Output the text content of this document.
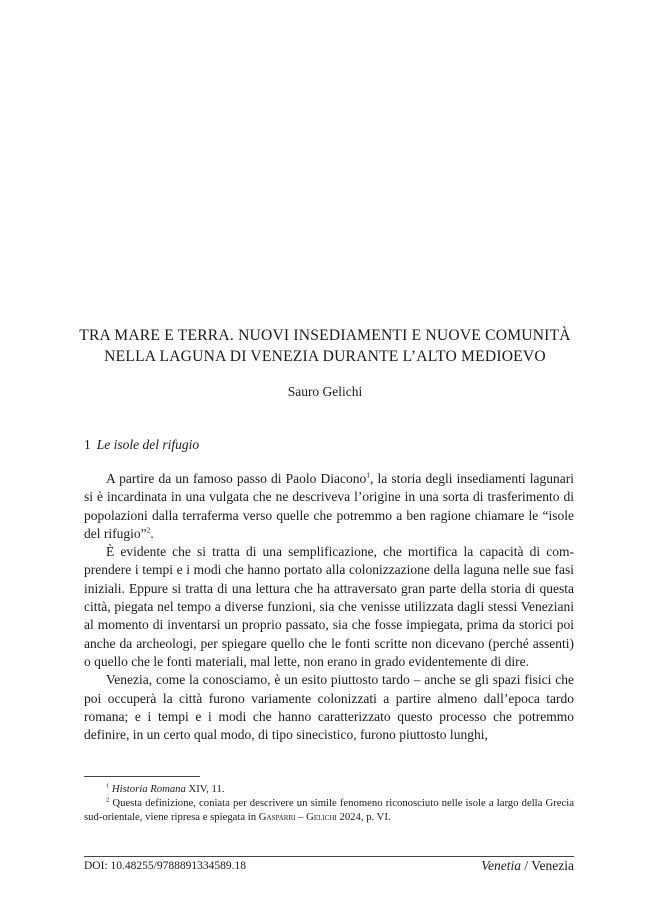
TRA MARE E TERRA. NUOVI INSEDIAMENTI E NUOVE COMUNITÀ
NELLA LAGUNA DI VENEZIA DURANTE L’ALTO MEDIOEVO
Sauro Gelichi
1 Le isole del rifugio

A partire da un famoso passo di Paolo Diacono$^1$, la storia degli insediamenti lagunari si è incardinata in una vulgata che ne descriveva l’origine in una sorta di trasferimento di popolazioni dalla terraferma verso quelle che potremmo a ben ragione chiamare le “isole del rifugio”$^2$.

È evidente che si tratta di una semplificazione, che mortifica la capacità di comprendere i tempi e i modi che hanno portato alla colonizzazione della laguna nelle sue fasi iniziali. Eppure si tratta di una lettura che ha attraversato gran parte della storia di questa città, piegata nel tempo a diverse funzioni, sia che venisse utilizzata dagli stessi Veneziani al momento di inventarsi un proprio passato, sia che fosse impiegata, prima da storici poi anche da archeologi, per spiegare quello che le fonti scritte non dicevano (perché assenti) o quello che le fonti materiali, mal lette, non erano in grado evidentemente di dire.

Venezia, come la conosciamo, è un esito piuttosto tardo – anche se gli spazi fisici che poi occuperà la città furono variamente colonizzati a partire almeno dall’epoca tardo romana; e i tempi e i modi che hanno caratterizzato questo processo che potremmo definire, in un certo qual modo, di tipo sinecistico, furono piuttosto lunghi,

$^1$ Historia Romana XIV, 11.

$^2$ Questa definizione, coniata per descrivere un simile fenomeno riconosciuto nelle isole a largo della Grecia sud-orientale, viene ripresa e spiegata in Gasparri – Gelichi 2024, p. VI.

DOI: 10.48255/9788891334589.18	Venetia / Venezia
